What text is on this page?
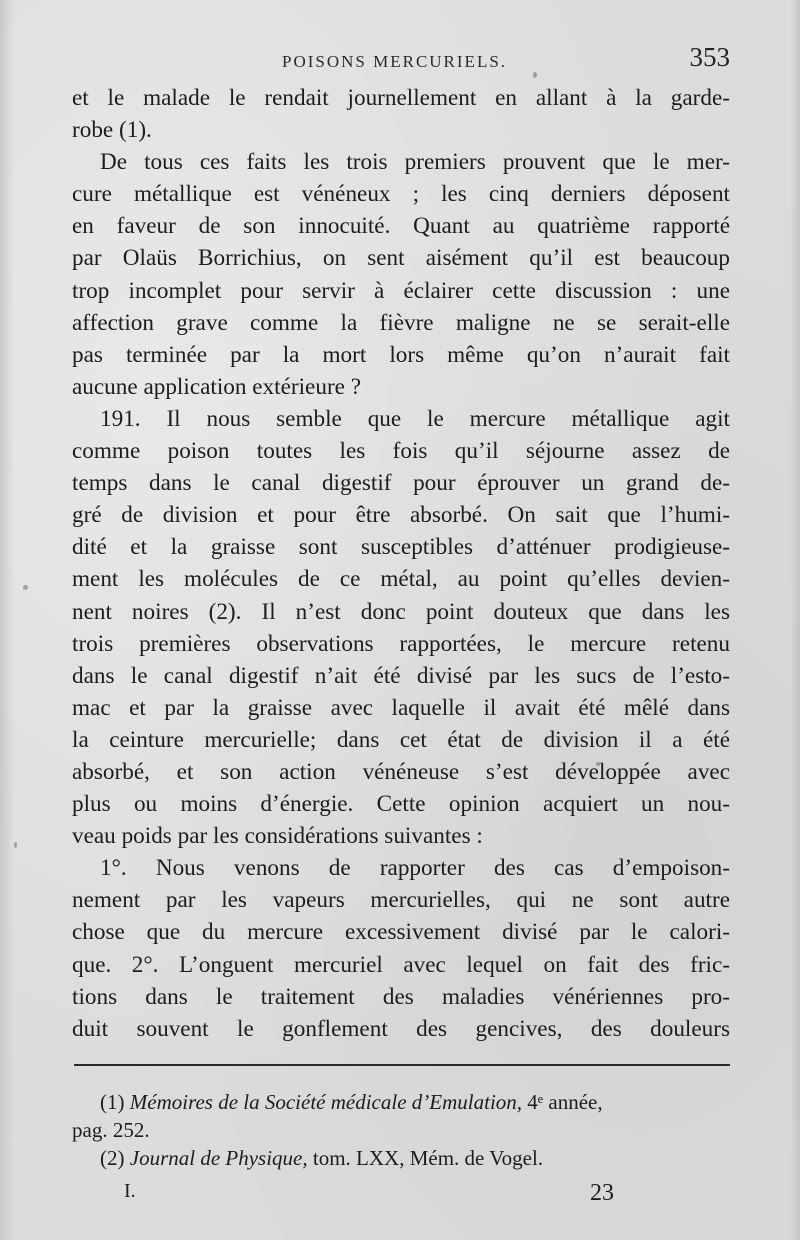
POISONS MERCURIELS.	353
et le malade le rendait journellement en allant à la garde-
robe (1).
De tous ces faits les trois premiers prouvent que le mer-
cure métallique est vénéneux ; les cinq derniers déposent
en faveur de son innocuité. Quant au quatrième rapporté
par Olaüs Borrichius, on sent aisément qu’il est beaucoup
trop incomplet pour servir à éclairer cette discussion : une
affection grave comme la fièvre maligne ne se serait-elle
pas terminée par la mort lors même qu’on n’aurait fait
aucune application extérieure ?
191. Il nous semble que le mercure métallique agit
comme poison toutes les fois qu’il séjourne assez de
temps dans le canal digestif pour éprouver un grand de-
gré de division et pour être absorbé. On sait que l’humi-
dité et la graisse sont susceptibles d’atténuer prodigieuse-
ment les molécules de ce métal, au point qu’elles devien-
nent noires (2). Il n’est donc point douteux que dans les
trois premières observations rapportées, le mercure retenu
dans le canal digestif n’ait été divisé par les sucs de l’esto-
mac et par la graisse avec laquelle il avait été mêlé dans
la ceinture mercurielle; dans cet état de division il a été
absorbé, et son action vénéneuse s’est développée avec
plus ou moins d’énergie. Cette opinion acquiert un nou-
veau poids par les considérations suivantes :
1°. Nous venons de rapporter des cas d’empoison-
nement par les vapeurs mercurielles, qui ne sont autre
chose que du mercure excessivement divisé par le calori-
que. 2°. L’onguent mercuriel avec lequel on fait des fric-
tions dans le traitement des maladies vénériennes pro-
duit souvent le gonflement des gencives, des douleurs
(1) Mémoires de la Société médicale d’Emulation, 4ᵉ année,
pag. 252.
(2) Journal de Physique, tom. LXX, Mém. de Vogel.
I.	23
